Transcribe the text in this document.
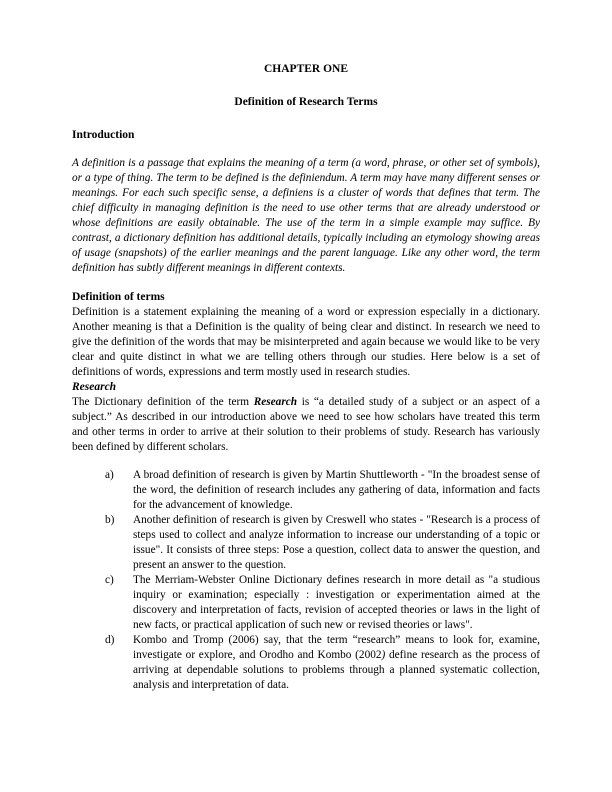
CHAPTER ONE
Definition of Research Terms
Introduction

A definition is a passage that explains the meaning of a term (a word, phrase, or other set of symbols), or a type of thing. The term to be defined is the definiendum. A term may have many different senses or meanings. For each such specific sense, a definiens is a cluster of words that defines that term. The chief difficulty in managing definition is the need to use other terms that are already understood or whose definitions are easily obtainable. The use of the term in a simple example may suffice. By contrast, a dictionary definition has additional details, typically including an etymology showing areas of usage (snapshots) of the earlier meanings and the parent language. Like any other word, the term definition has subtly different meanings in different contexts.

Definition of terms

Definition is a statement explaining the meaning of a word or expression especially in a dictionary. Another meaning is that a Definition is the quality of being clear and distinct. In research we need to give the definition of the words that may be misinterpreted and again because we would like to be very clear and quite distinct in what we are telling others through our studies. Here below is a set of definitions of words, expressions and term mostly used in research studies.

Research

The Dictionary definition of the term Research is “a detailed study of a subject or an aspect of a subject.” As described in our introduction above we need to see how scholars have treated this term and other terms in order to arrive at their solution to their problems of study. Research has variously been defined by different scholars.

a)	A broad definition of research is given by Martin Shuttleworth - "In the broadest sense of the word, the definition of research includes any gathering of data, information and facts for the advancement of knowledge.
b)	Another definition of research is given by Creswell who states - "Research is a process of steps used to collect and analyze information to increase our understanding of a topic or issue". It consists of three steps: Pose a question, collect data to answer the question, and present an answer to the question.
c)	The Merriam-Webster Online Dictionary defines research in more detail as "a studious inquiry or examination; especially : investigation or experimentation aimed at the discovery and interpretation of facts, revision of accepted theories or laws in the light of new facts, or practical application of such new or revised theories or laws".
d)	Kombo and Tromp (2006) say, that the term “research” means to look for, examine, investigate or explore, and Orodho and Kombo (2002) define research as the process of arriving at dependable solutions to problems through a planned systematic collection, analysis and interpretation of data.
